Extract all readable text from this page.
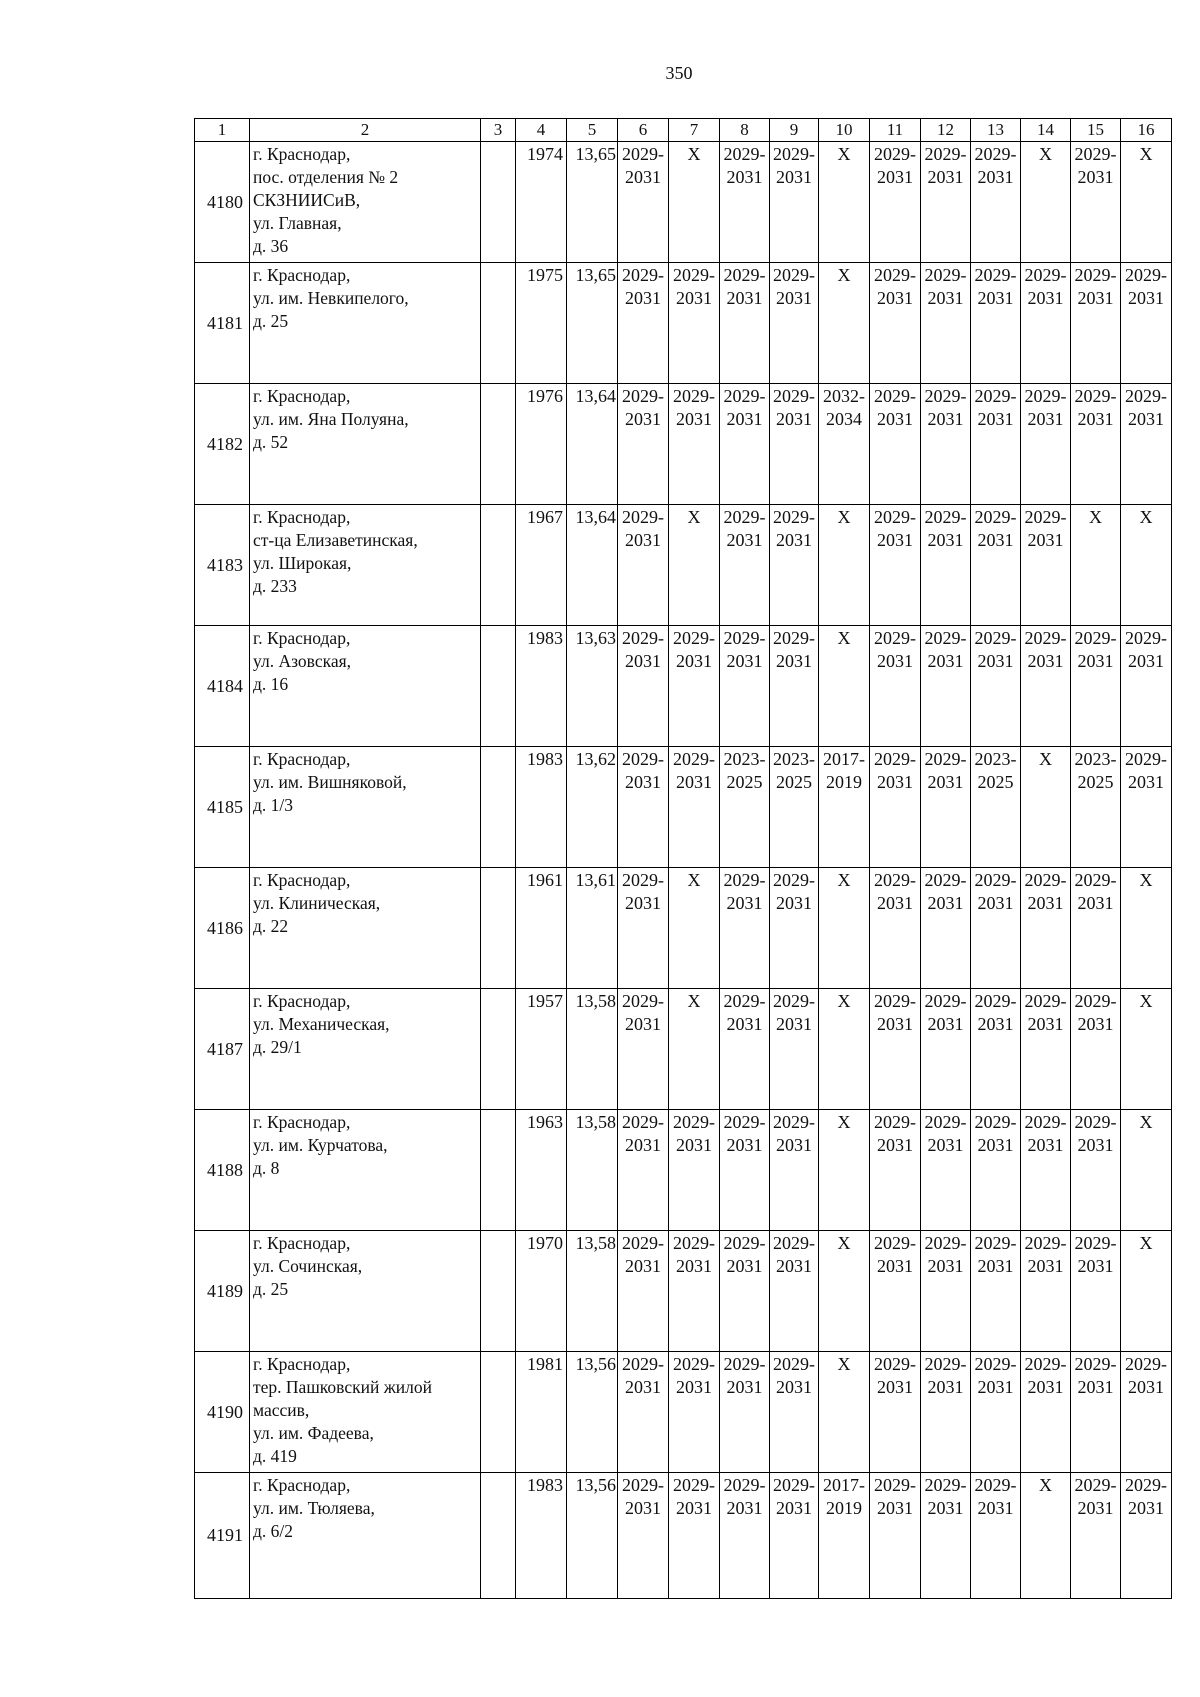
350
1	2	3	4	5	6	7	8	9	10	11	12	13	14	15	16
4180	г. Краснодар,
пос. отделения № 2
СКЗНИИСиВ,
ул. Главная,
д. 36		1974	13,65	2029-2031	X	2029-2031	2029-2031	X	2029-2031	2029-2031	2029-2031	X	2029-2031	X
4181	г. Краснодар,
ул. им. Невкипелого,
д. 25		1975	13,65	2029-2031	2029-2031	2029-2031	2029-2031	X	2029-2031	2029-2031	2029-2031	2029-2031	2029-2031	2029-2031
4182	г. Краснодар,
ул. им. Яна Полуяна,
д. 52		1976	13,64	2029-2031	2029-2031	2029-2031	2029-2031	2032-2034	2029-2031	2029-2031	2029-2031	2029-2031	2029-2031	2029-2031
4183	г. Краснодар,
ст-ца Елизаветинская,
ул. Широкая,
д. 233		1967	13,64	2029-2031	X	2029-2031	2029-2031	X	2029-2031	2029-2031	2029-2031	2029-2031	X	X
4184	г. Краснодар,
ул. Азовская,
д. 16		1983	13,63	2029-2031	2029-2031	2029-2031	2029-2031	X	2029-2031	2029-2031	2029-2031	2029-2031	2029-2031	2029-2031
4185	г. Краснодар,
ул. им. Вишняковой,
д. 1/3		1983	13,62	2029-2031	2029-2031	2023-2025	2023-2025	2017-2019	2029-2031	2029-2031	2023-2025	X	2023-2025	2029-2031
4186	г. Краснодар,
ул. Клиническая,
д. 22		1961	13,61	2029-2031	X	2029-2031	2029-2031	X	2029-2031	2029-2031	2029-2031	2029-2031	2029-2031	X
4187	г. Краснодар,
ул. Механическая,
д. 29/1		1957	13,58	2029-2031	X	2029-2031	2029-2031	X	2029-2031	2029-2031	2029-2031	2029-2031	2029-2031	X
4188	г. Краснодар,
ул. им. Курчатова,
д. 8		1963	13,58	2029-2031	2029-2031	2029-2031	2029-2031	X	2029-2031	2029-2031	2029-2031	2029-2031	2029-2031	X
4189	г. Краснодар,
ул. Сочинская,
д. 25		1970	13,58	2029-2031	2029-2031	2029-2031	2029-2031	X	2029-2031	2029-2031	2029-2031	2029-2031	2029-2031	X
4190	г. Краснодар,
тер. Пашковский жилой
массив,
ул. им. Фадеева,
д. 419		1981	13,56	2029-2031	2029-2031	2029-2031	2029-2031	X	2029-2031	2029-2031	2029-2031	2029-2031	2029-2031	2029-2031
4191	г. Краснодар,
ул. им. Тюляева,
д. 6/2		1983	13,56	2029-2031	2029-2031	2029-2031	2029-2031	2017-2019	2029-2031	2029-2031	2029-2031	X	2029-2031	2029-2031
